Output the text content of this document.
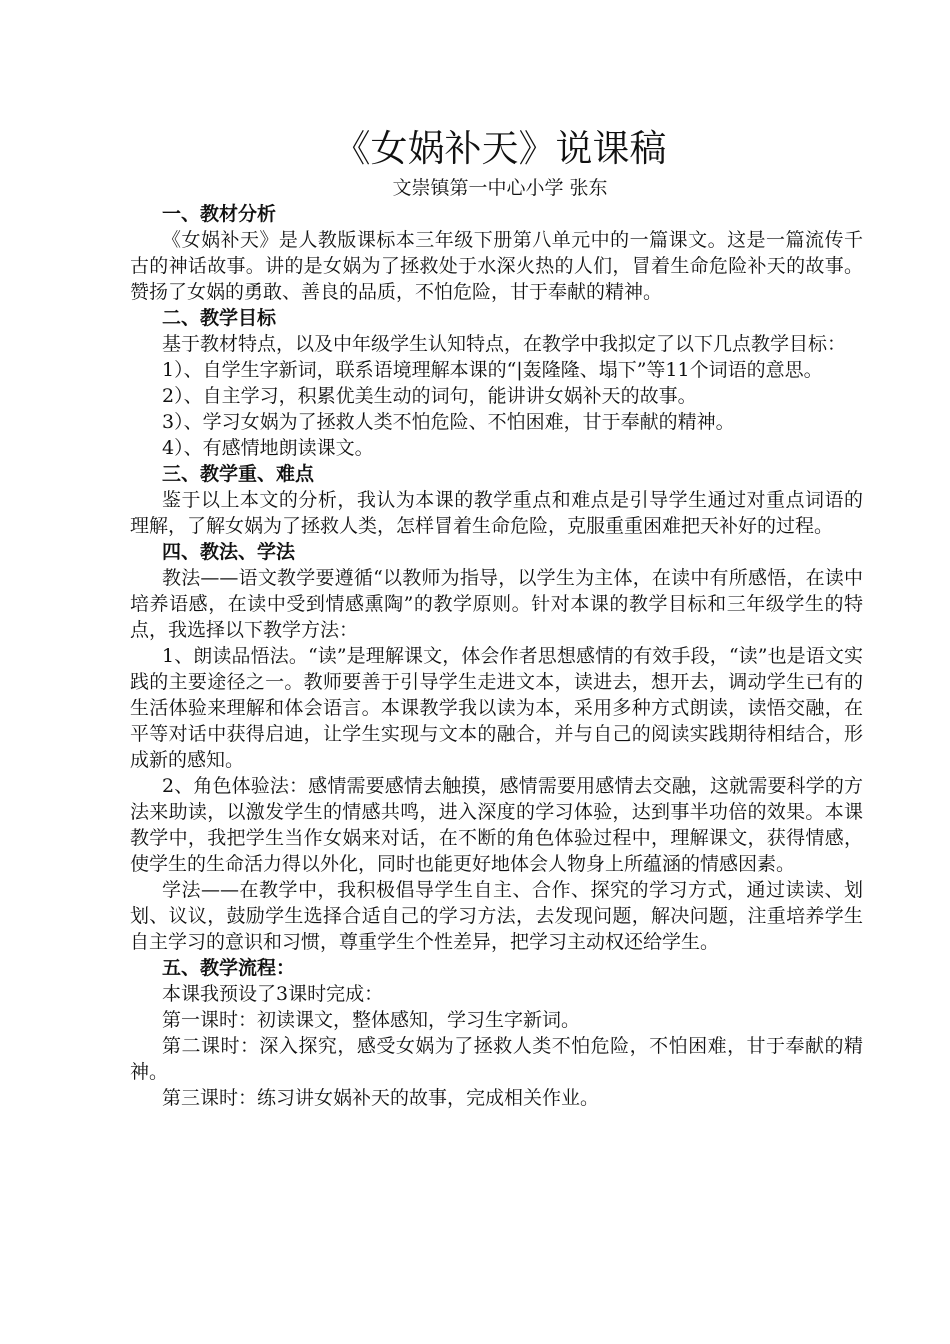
《女娲补天》说课稿
文崇镇第一中心小学 张东
一、教材分析

《女娲补天》是人教版课标本三年级下册第八单元中的一篇课文。这是一篇流传千古的神话故事。讲的是女娲为了拯救处于水深火热的人们，冒着生命危险补天的故事。赞扬了女娲的勇敢、善良的品质，不怕危险，甘于奉献的精神。

二、教学目标

基于教材特点，以及中年级学生认知特点，在教学中我拟定了以下几点教学目标：

1）、自学生字新词，联系语境理解本课的“|轰隆隆、塌下”等11个词语的意思。

2）、自主学习，积累优美生动的词句，能讲讲女娲补天的故事。

3）、学习女娲为了拯救人类不怕危险、不怕困难，甘于奉献的精神。

4）、有感情地朗读课文。

三、教学重、难点

鉴于以上本文的分析，我认为本课的教学重点和难点是引导学生通过对重点词语的理解，了解女娲为了拯救人类，怎样冒着生命危险，克服重重困难把天补好的过程。

四、教法、学法

教法——语文教学要遵循“以教师为指导，以学生为主体，在读中有所感悟，在读中培养语感，在读中受到情感熏陶”的教学原则。针对本课的教学目标和三年级学生的特点，我选择以下教学方法：

1、朗读品悟法。“读”是理解课文，体会作者思想感情的有效手段，“读”也是语文实践的主要途径之一。教师要善于引导学生走进文本，读进去，想开去，调动学生已有的生活体验来理解和体会语言。本课教学我以读为本，采用多种方式朗读，读悟交融，在平等对话中获得启迪，让学生实现与文本的融合，并与自己的阅读实践期待相结合，形成新的感知。

2、角色体验法：感情需要感情去触摸，感情需要用感情去交融，这就需要科学的方法来助读，以激发学生的情感共鸣，进入深度的学习体验，达到事半功倍的效果。本课教学中，我把学生当作女娲来对话，在不断的角色体验过程中，理解课文，获得情感，使学生的生命活力得以外化，同时也能更好地体会人物身上所蕴涵的情感因素。

学法——在教学中，我积极倡导学生自主、合作、探究的学习方式，通过读读、划划、议议，鼓励学生选择合适自己的学习方法，去发现问题，解决问题，注重培养学生自主学习的意识和习惯，尊重学生个性差异，把学习主动权还给学生。

五、教学流程：

本课我预设了3课时完成：

第一课时：初读课文，整体感知，学习生字新词。

第二课时：深入探究，感受女娲为了拯救人类不怕危险，不怕困难，甘于奉献的精神。

第三课时：练习讲女娲补天的故事，完成相关作业。
